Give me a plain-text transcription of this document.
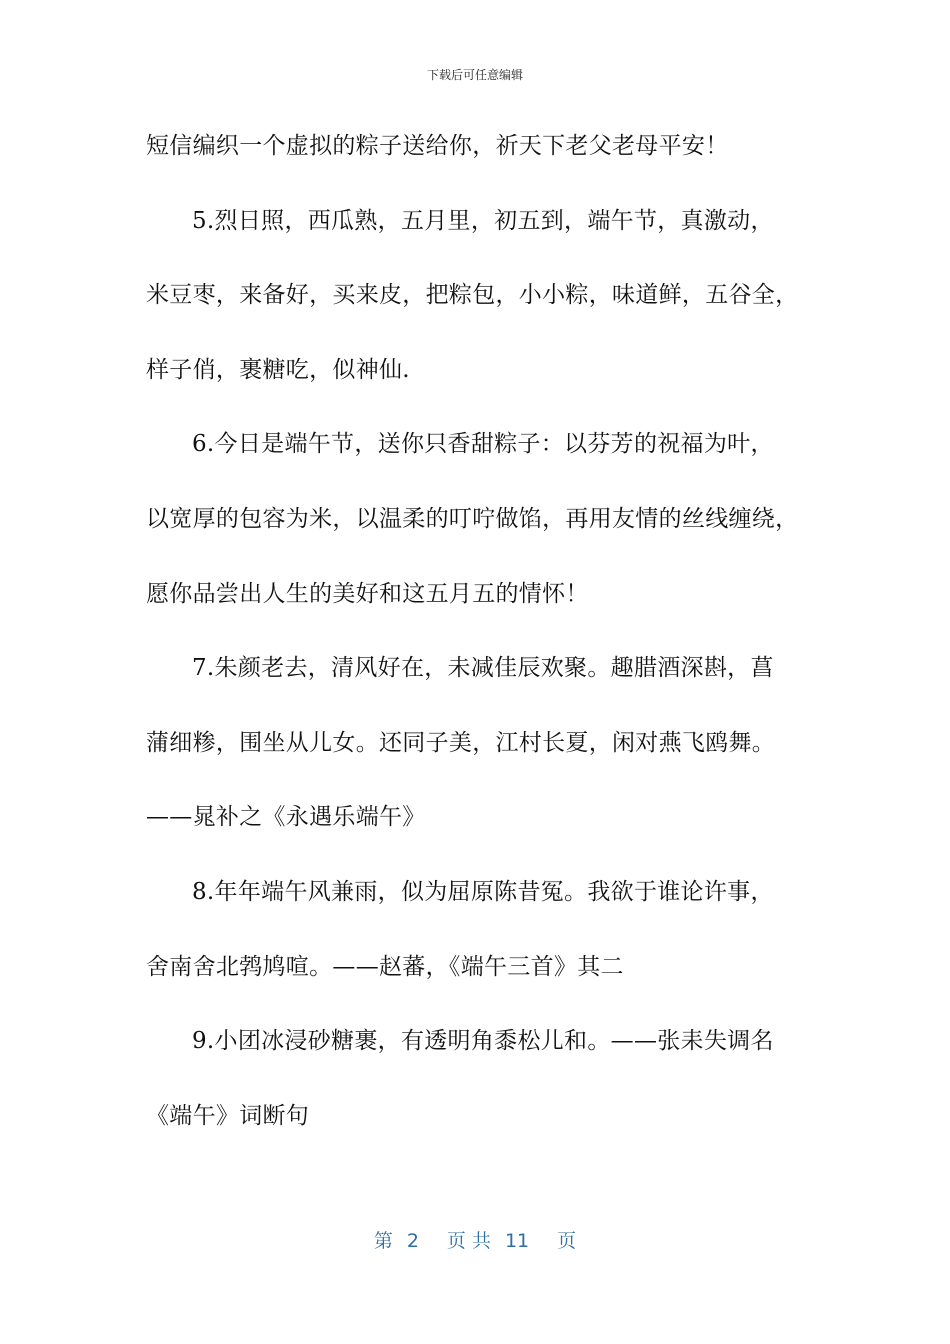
下载后可任意编辑
短信编织一个虚拟的粽子送给你，祈天下老父老母平安！
5.烈日照，西瓜熟，五月里，初五到，端午节，真激动，
米豆枣，来备好，买来皮，把粽包，小小粽，味道鲜，五谷全，
样子俏，裹糖吃，似神仙.
6.今日是端午节，送你只香甜粽子：以芬芳的祝福为叶，
以宽厚的包容为米，以温柔的叮咛做馅，再用友情的丝线缠绕，
愿你品尝出人生的美好和这五月五的情怀！
7.朱颜老去，清风好在，未减佳辰欢聚。趣腊酒深斟，菖
蒲细糁，围坐从儿女。还同子美，江村长夏，闲对燕飞鸥舞。
——晁补之《永遇乐端午》
8.年年端午风兼雨，似为屈原陈昔冤。我欲于谁论许事，
舍南舍北鹁鸠喧。——赵蕃，《端午三首》其二
9.小团冰浸砂糖裹，有透明角黍松儿和。——张耒失调名
《端午》词断句
第 2 页 共 11 页
